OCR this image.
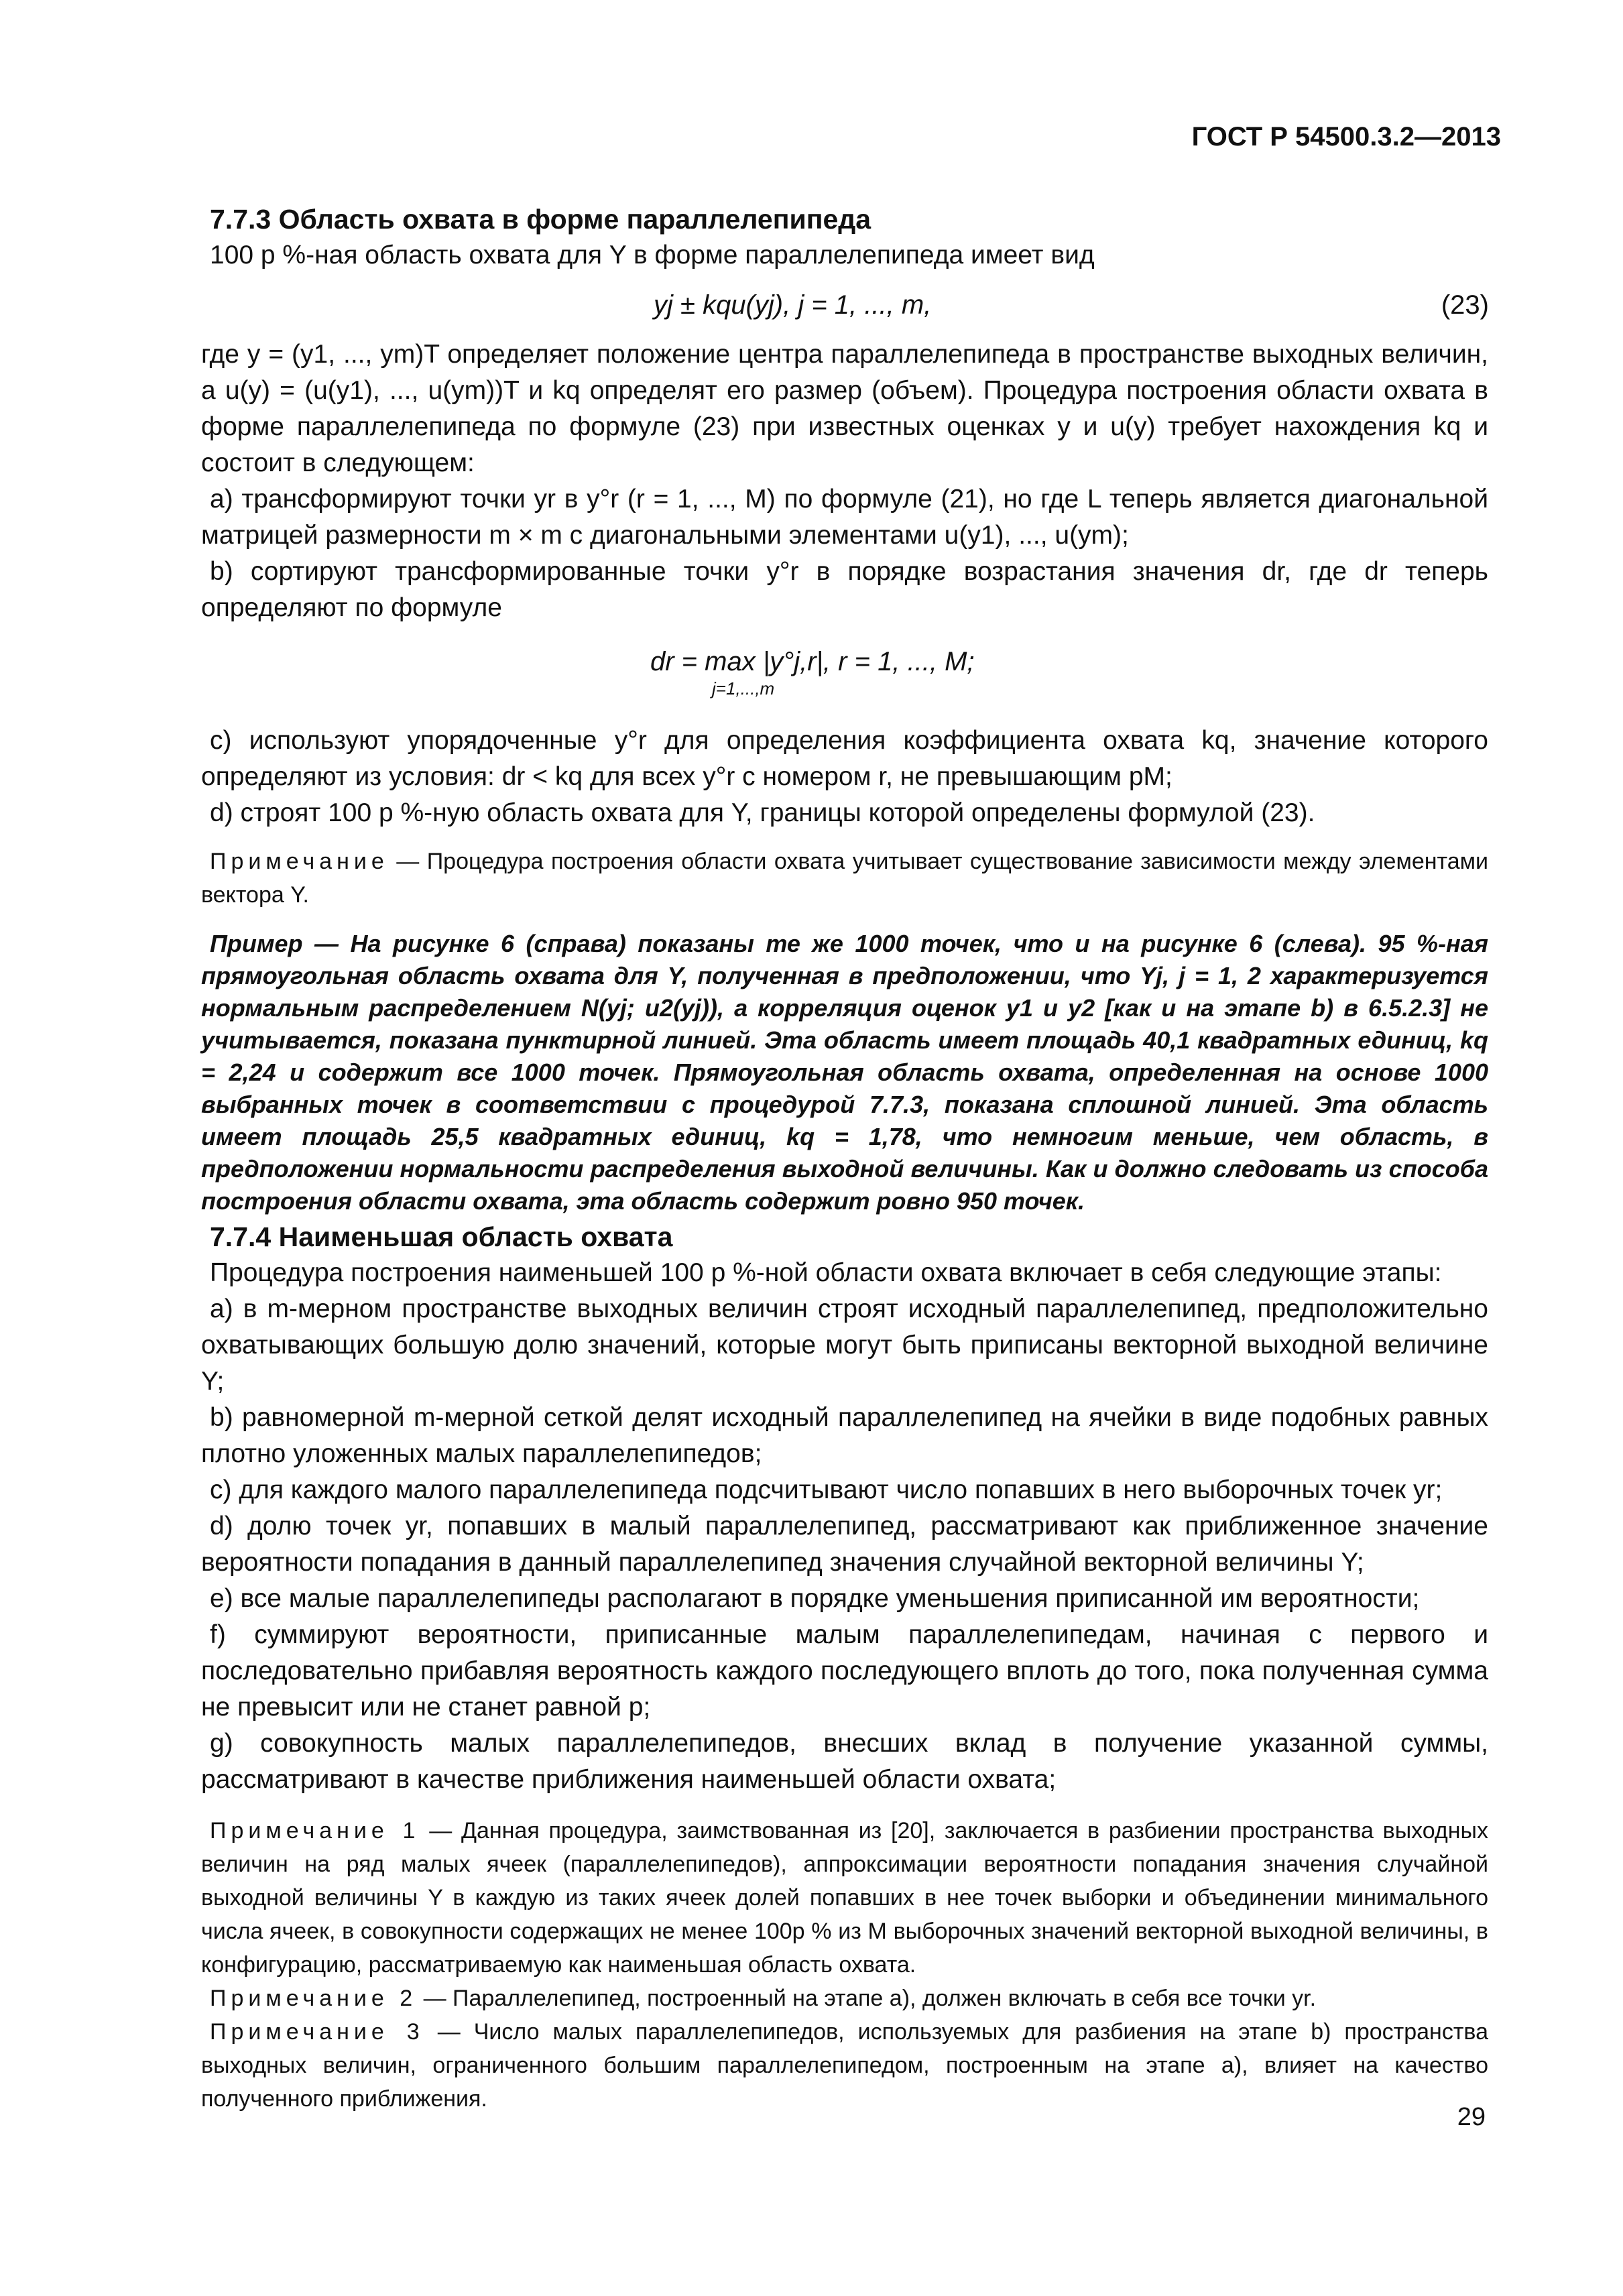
ГОСТ Р 54500.3.2—2013

7.7.3 Область охвата в форме параллелепипеда

100 p %-ная область охвата для Y в форме параллелепипеда имеет вид

yj ± kqu(yj), j = 1, ..., m,	(23)

где y = (y1, ..., ym)T определяет положение центра параллелепипеда в пространстве выходных величин, а u(y) = (u(y1), ..., u(ym))T и kq определят его размер (объем). Процедура построения области охвата в форме параллелепипеда по формуле (23) при известных оценках y и u(y) требует нахождения kq и состоит в следующем:

a) трансформируют точки yr в y°r (r = 1, ..., M) по формуле (21), но где L теперь является диагональной матрицей размерности m × m с диагональными элементами u(y1), ..., u(ym);

b) сортируют трансформированные точки y°r в порядке возрастания значения dr, где dr теперь определяют по формуле

dr = max |y°j,r|, r = 1, ..., M;
j=1,...,m

c) используют упорядоченные y°r для определения коэффициента охвата kq, значение которого определяют из условия: dr < kq для всех y°r с номером r, не превышающим pM;

d) строят 100 p %-ную область охвата для Y, границы которой определены формулой (23).

Примечание — Процедура построения области охвата учитывает существование зависимости между элементами вектора Y.

Пример — На рисунке 6 (справа) показаны те же 1000 точек, что и на рисунке 6 (слева). 95 %-ная прямоугольная область охвата для Y, полученная в предположении, что Yj, j = 1, 2 характеризуется нормальным распределением N(yj; u2(yj)), а корреляция оценок y1 и y2 [как и на этапе b) в 6.5.2.3] не учитывается, показана пунктирной линией. Эта область имеет площадь 40,1 квадратных единиц, kq = 2,24 и содержит все 1000 точек. Прямоугольная область охвата, определенная на основе 1000 выбранных точек в соответствии с процедурой 7.7.3, показана сплошной линией. Эта область имеет площадь 25,5 квадратных единиц, kq = 1,78, что немногим меньше, чем область, в предположении нормальности распределения выходной величины. Как и должно следовать из способа построения области охвата, эта область содержит ровно 950 точек.

7.7.4 Наименьшая область охвата

Процедура построения наименьшей 100 p %-ной области охвата включает в себя следующие этапы:

a) в m-мерном пространстве выходных величин строят исходный параллелепипед, предположительно охватывающих большую долю значений, которые могут быть приписаны векторной выходной величине Y;

b) равномерной m-мерной сеткой делят исходный параллелепипед на ячейки в виде подобных равных плотно уложенных малых параллелепипедов;

c) для каждого малого параллелепипеда подсчитывают число попавших в него выборочных точек yr;

d) долю точек yr, попавших в малый параллелепипед, рассматривают как приближенное значение вероятности попадания в данный параллелепипед значения случайной векторной величины Y;

e) все малые параллелепипеды располагают в порядке уменьшения приписанной им вероятности;

f) суммируют вероятности, приписанные малым параллелепипедам, начиная с первого и последовательно прибавляя вероятность каждого последующего вплоть до того, пока полученная сумма не превысит или не станет равной p;

g) совокупность малых параллелепипедов, внесших вклад в получение указанной суммы, рассматривают в качестве приближения наименьшей области охвата;

Примечание 1 — Данная процедура, заимствованная из [20], заключается в разбиении пространства выходных величин на ряд малых ячеек (параллелепипедов), аппроксимации вероятности попадания значения случайной выходной величины Y в каждую из таких ячеек долей попавших в нее точек выборки и объединении минимального числа ячеек, в совокупности содержащих не менее 100p % из M выборочных значений векторной выходной величины, в конфигурацию, рассматриваемую как наименьшая область охвата.

Примечание 2 — Параллелепипед, построенный на этапе a), должен включать в себя все точки yr.

Примечание 3 — Число малых параллелепипедов, используемых для разбиения на этапе b) пространства выходных величин, ограниченного большим параллелепипедом, построенным на этапе a), влияет на качество полученного приближения.

29
